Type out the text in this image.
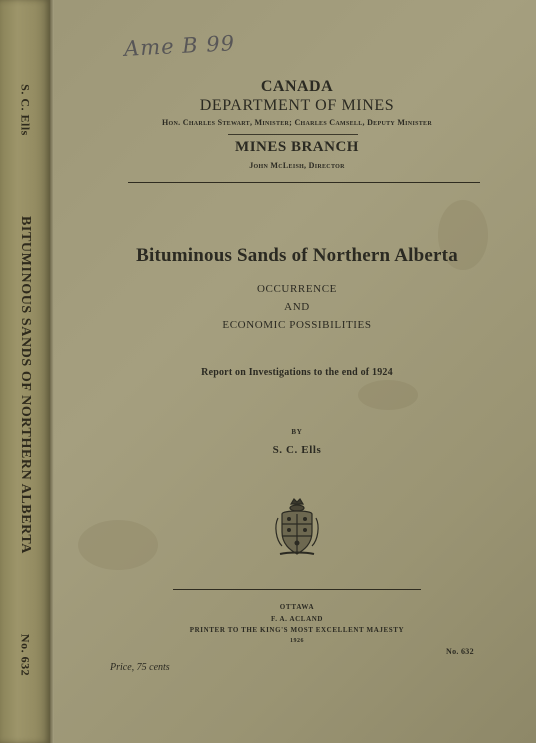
S. C. Ells
BITUMINOUS SANDS OF NORTHERN ALBERTA
No. 632
Ame B 99
CANADA
DEPARTMENT OF MINES
Hon. Charles Stewart, Minister; Charles Camsell, Deputy Minister
MINES BRANCH
John McLeish, Director
Bituminous Sands of Northern Alberta
OCCURRENCE
AND
ECONOMIC POSSIBILITIES
Report on Investigations to the end of 1924
BY
S. C. Ells
OTTAWA
F. A. ACLAND
PRINTER TO THE KING'S MOST EXCELLENT MAJESTY
1926
Price, 75 cents
No. 632
